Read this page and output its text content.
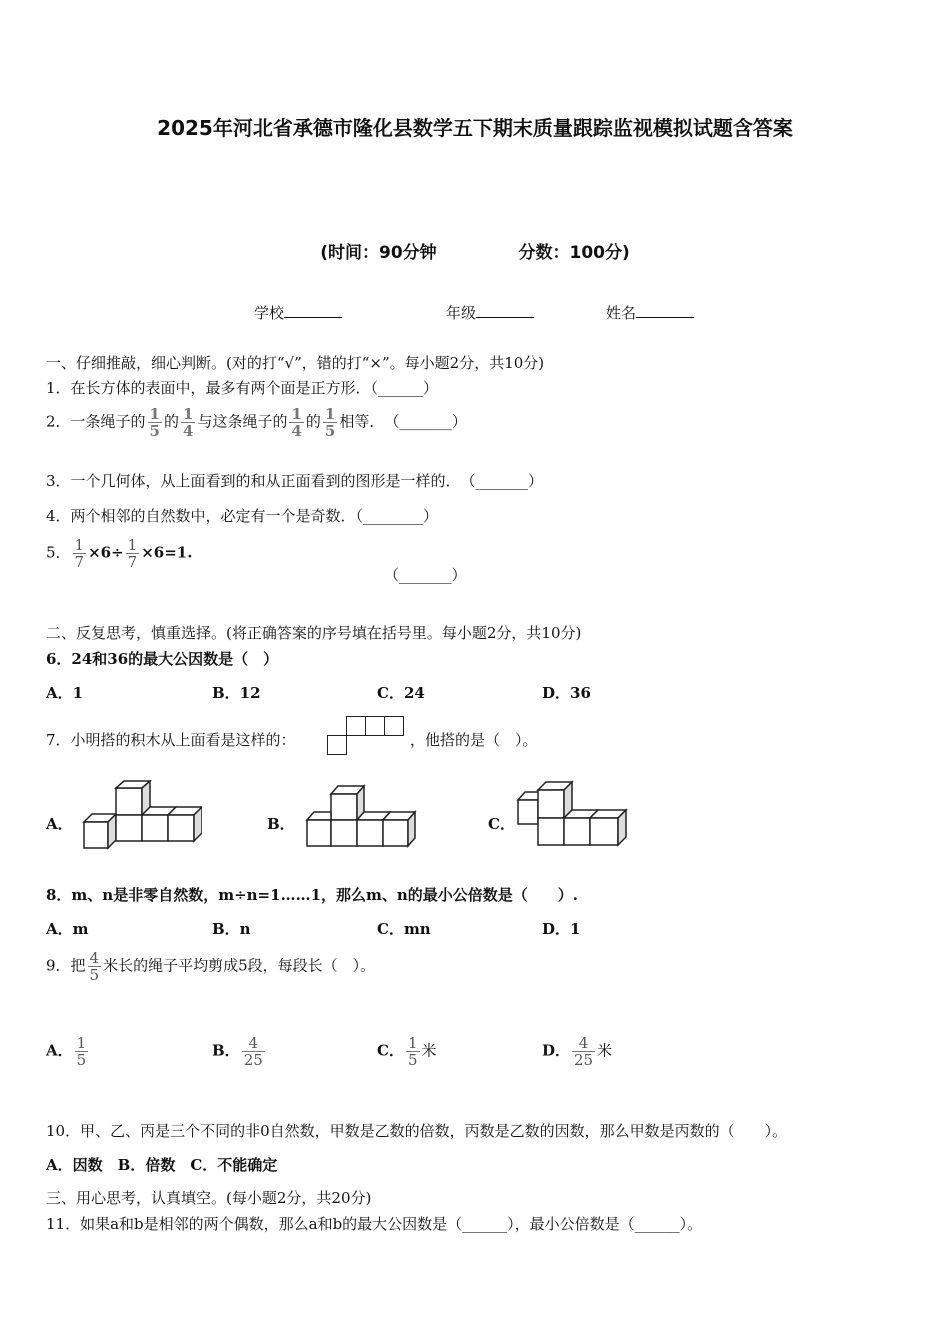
2025年河北省承德市隆化县数学五下期末质量跟踪监视模拟试题含答案
(时间：90分钟	分数：100分)
学校	年级	姓名
一、仔细推敲，细心判断。(对的打“√”，错的打“×”。每小题2分，共10分)
1．在长方体的表面中，最多有两个面是正方形．（______）
2．一条绳子的 $\frac{1}{5}$ 的 $\frac{1}{4}$ 与这条绳子的 $\frac{1}{4}$ 的 $\frac{1}{5}$ 相等．　（_______）
3．一个几何体，从上面看到的和从正面看到的图形是一样的．　（_______）
4．两个相邻的自然数中，必定有一个是奇数．（________）
5． $\frac{1}{7} \times 6\div \frac{1}{7} \times 6=1$.
（_______）
二、反复思考，慎重选择。(将正确答案的序号填在括号里。每小题2分，共10分)
6．24和36的最大公因数是（　）
A．1	B．12	C．24	D．36
7．小明搭的积木从上面看是这样的：	，他搭的是（　）。
A．	B．	C．
8．m、n是非零自然数，m÷n=1……1，那么m、n的最小公倍数是（　　）.
A．m	B．n	C．mn	D．1
9．把 $\frac{4}{5}$ 米长的绳子平均剪成5段，每段长（　）。
A． $\frac{1}{5}$	B． $\frac{4}{25}$	C． $\frac{1}{5}$ 米	D． $\frac{4}{25}$ 米
10．甲、乙、丙是三个不同的非0自然数，甲数是乙数的倍数，丙数是乙数的因数，那么甲数是丙数的（　　）。
A．因数　B．倍数　C．不能确定
三、用心思考，认真填空。(每小题2分，共20分)
11．如果a和b是相邻的两个偶数，那么a和b的最大公因数是（______），最小公倍数是（______）。
